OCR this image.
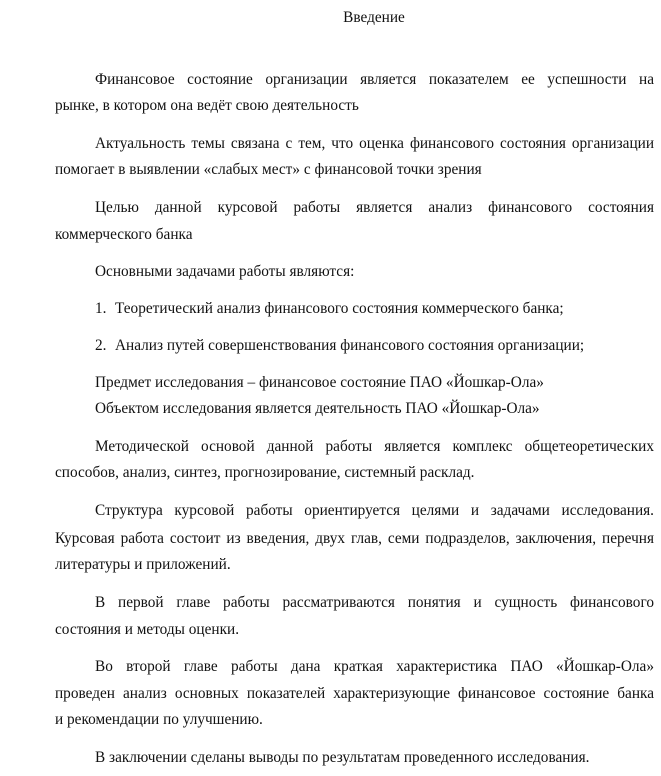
Введение
Финансовое состояние организации является показателем ее успешности на
рынке, в котором она ведёт свою деятельность
Актуальность темы связана с тем, что оценка финансового состояния организации
помогает в выявлении «слабых мест» с финансовой точки зрения
Целью данной курсовой работы является анализ финансового состояния
коммерческого банка
Основными задачами работы являются:
1. Теоретический анализ финансового состояния коммерческого банка;
2. Анализ путей совершенствования финансового состояния организации;
Предмет исследования – финансовое состояние ПАО «Йошкар-Ола»
Объектом исследования является деятельность ПАО «Йошкар-Ола»
Методической основой данной работы является комплекс общетеоретических
способов, анализ, синтез, прогнозирование, системный расклад.
Структура курсовой работы ориентируется целями и задачами исследования.
Курсовая работа состоит из введения, двух глав, семи подразделов, заключения, перечня
литературы и приложений.
В первой главе работы рассматриваются понятия и сущность финансового
состояния и методы оценки.
Во второй главе работы дана краткая характеристика ПАО «Йошкар-Ола»
проведен анализ основных показателей характеризующие финансовое состояние банка
и рекомендации по улучшению.
В заключении сделаны выводы по результатам проведенного исследования.
